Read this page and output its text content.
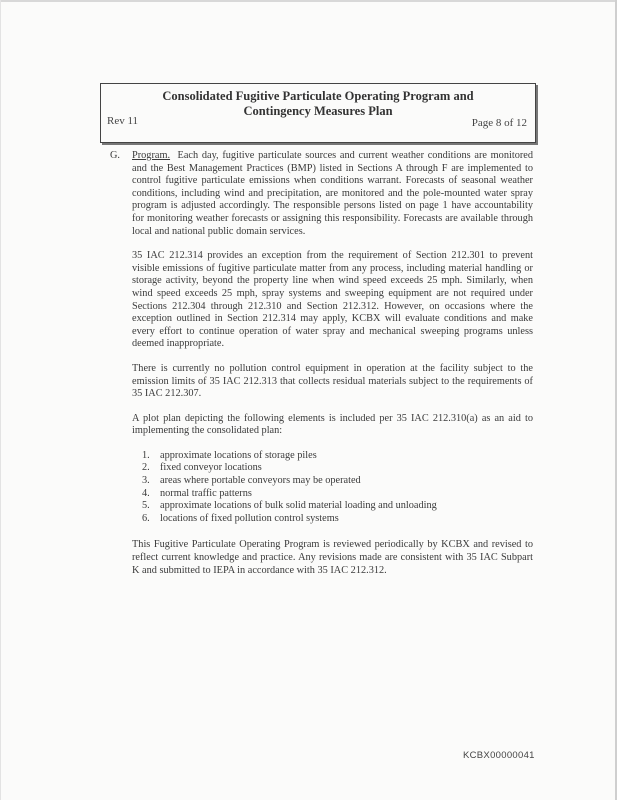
Consolidated Fugitive Particulate Operating Program and
Contingency Measures Plan
Rev 11	Page 8 of 12

G. Program. Each day, fugitive particulate sources and current weather conditions are monitored and the Best Management Practices (BMP) listed in Sections A through F are implemented to control fugitive particulate emissions when conditions warrant. Forecasts of seasonal weather conditions, including wind and precipitation, are monitored and the pole-mounted water spray program is adjusted accordingly. The responsible persons listed on page 1 have accountability for monitoring weather forecasts or assigning this responsibility. Forecasts are available through local and national public domain services.

35 IAC 212.314 provides an exception from the requirement of Section 212.301 to prevent visible emissions of fugitive particulate matter from any process, including material handling or storage activity, beyond the property line when wind speed exceeds 25 mph. Similarly, when wind speed exceeds 25 mph, spray systems and sweeping equipment are not required under Sections 212.304 through 212.310 and Section 212.312. However, on occasions where the exception outlined in Section 212.314 may apply, KCBX will evaluate conditions and make every effort to continue operation of water spray and mechanical sweeping programs unless deemed inappropriate.

There is currently no pollution control equipment in operation at the facility subject to the emission limits of 35 IAC 212.313 that collects residual materials subject to the requirements of 35 IAC 212.307.

A plot plan depicting the following elements is included per 35 IAC 212.310(a) as an aid to implementing the consolidated plan:

1. approximate locations of storage piles
2. fixed conveyor locations
3. areas where portable conveyors may be operated
4. normal traffic patterns
5. approximate locations of bulk solid material loading and unloading
6. locations of fixed pollution control systems

This Fugitive Particulate Operating Program is reviewed periodically by KCBX and revised to reflect current knowledge and practice. Any revisions made are consistent with 35 IAC Subpart K and submitted to IEPA in accordance with 35 IAC 212.312.

KCBX00000041
